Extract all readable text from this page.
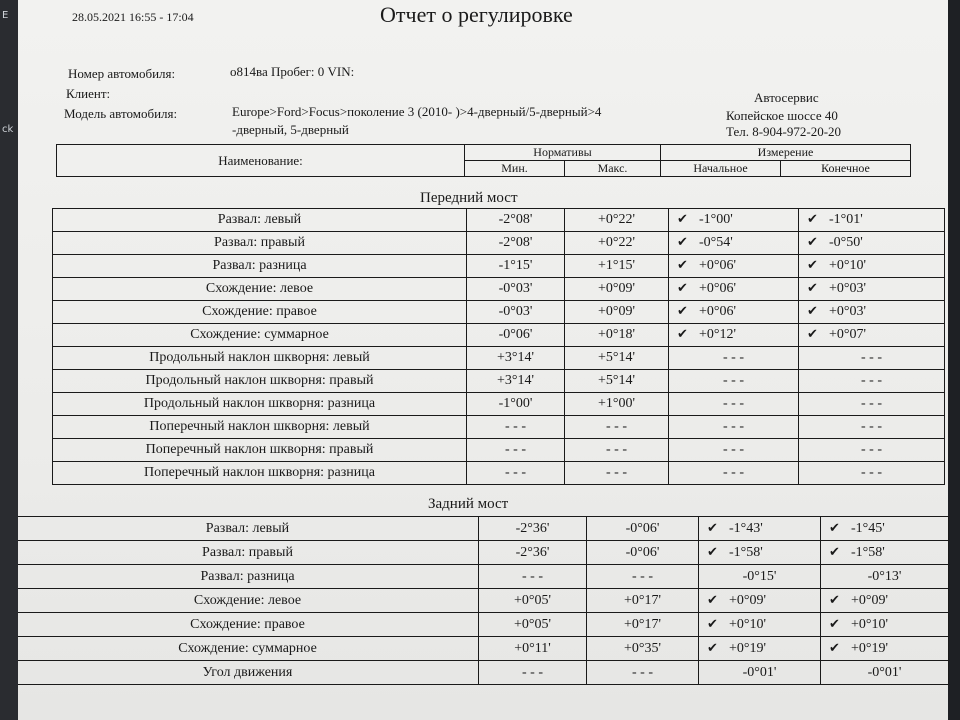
28.05.2021 16:55 - 17:04	Отчет о регулировке
Номер автомобиля:	о814ва Пробег: 0 VIN:
Клиент:
Модель автомобиля:	Europe>Ford>Focus>поколение 3 (2010- )>4-дверный/5-дверный>4
-дверный, 5-дверный
Автосервис
Копейское шоссе 40
Тел. 8-904-972-20-20
Наименование:	Нормативы		Измерение	
	Мин.	Макс.	Начальное	Конечное
Передний мост
Развал: левый	-2°08'	+0°22'	✔ -1°00'	✔ -1°01'
Развал: правый	-2°08'	+0°22'	✔ -0°54'	✔ -0°50'
Развал: разница	-1°15'	+1°15'	✔ +0°06'	✔ +0°10'
Схождение: левое	-0°03'	+0°09'	✔ +0°06'	✔ +0°03'
Схождение: правое	-0°03'	+0°09'	✔ +0°06'	✔ +0°03'
Схождение: суммарное	-0°06'	+0°18'	✔ +0°12'	✔ +0°07'
Продольный наклон шкворня: левый	+3°14'	+5°14'	- - -	- - -
Продольный наклон шкворня: правый	+3°14'	+5°14'	- - -	- - -
Продольный наклон шкворня: разница	-1°00'	+1°00'	- - -	- - -
Поперечный наклон шкворня: левый	- - -	- - -	- - -	- - -
Поперечный наклон шкворня: правый	- - -	- - -	- - -	- - -
Поперечный наклон шкворня: разница	- - -	- - -	- - -	- - -
Задний мост
Развал: левый	-2°36'	-0°06'	✔ -1°43'	✔ -1°45'
Развал: правый	-2°36'	-0°06'	✔ -1°58'	✔ -1°58'
Развал: разница	- - -	- - -	-0°15'	-0°13'
Схождение: левое	+0°05'	+0°17'	✔ +0°09'	✔ +0°09'
Схождение: правое	+0°05'	+0°17'	✔ +0°10'	✔ +0°10'
Схождение: суммарное	+0°11'	+0°35'	✔ +0°19'	✔ +0°19'
Угол движения	- - -	- - -	-0°01'	-0°01'
E
ck
